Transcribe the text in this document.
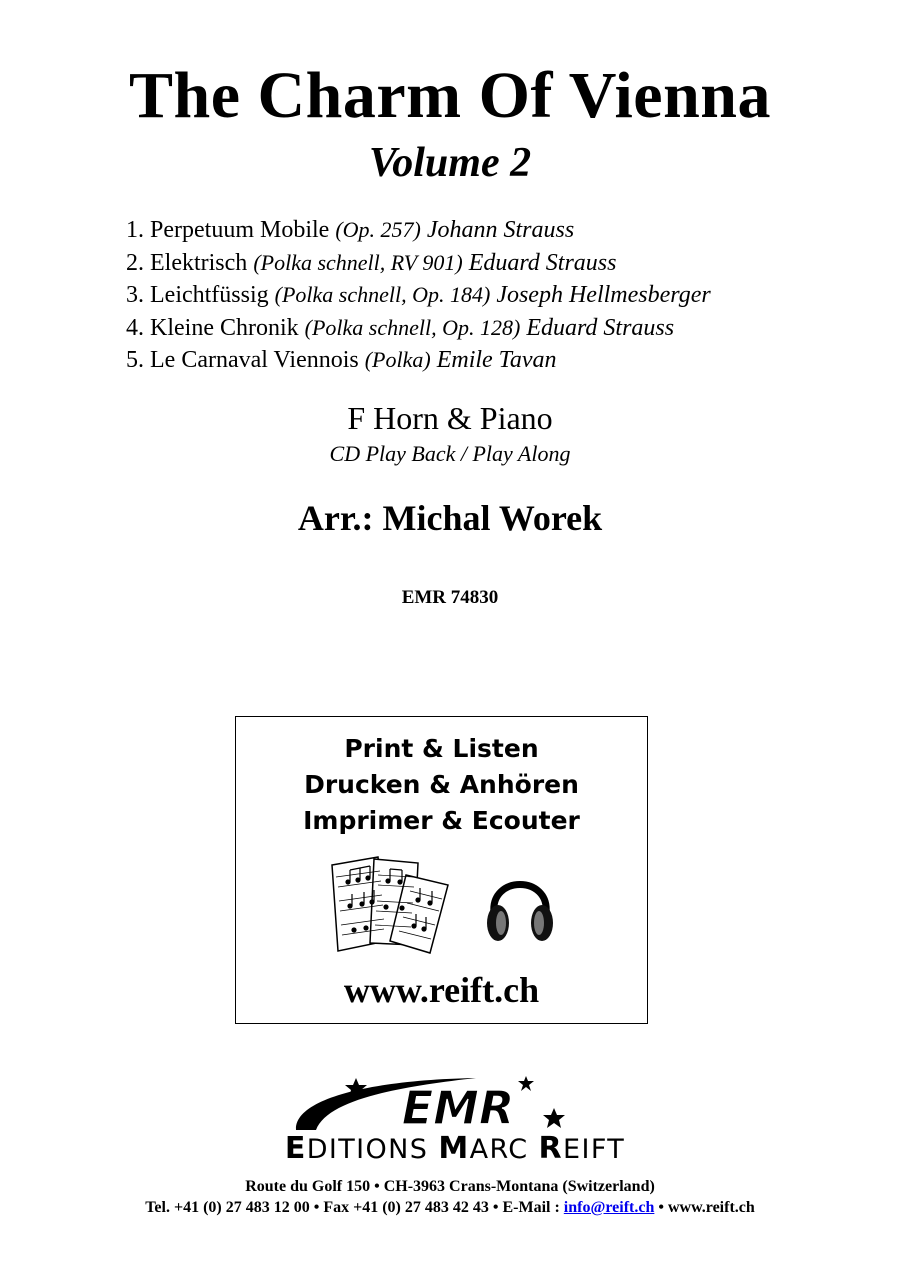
The Charm Of Vienna
Volume 2
1. Perpetuum Mobile (Op. 257) Johann Strauss
2. Elektrisch (Polka schnell, RV 901) Eduard Strauss
3. Leichtfüssig (Polka schnell, Op. 184) Joseph Hellmesberger
4. Kleine Chronik (Polka schnell, Op. 128) Eduard Strauss
5. Le Carnaval Viennois (Polka) Emile Tavan
F Horn & Piano
CD Play Back / Play Along
Arr.: Michal Worek
EMR 74830
Print & Listen
Drucken & Anhören
Imprimer & Ecouter
www.reift.ch
EMR
EDITIONS MARC REIFT
Route du Golf 150 • CH-3963 Crans-Montana (Switzerland)
Tel. +41 (0) 27 483 12 00 • Fax +41 (0) 27 483 42 43 • E-Mail : info@reift.ch • www.reift.ch
